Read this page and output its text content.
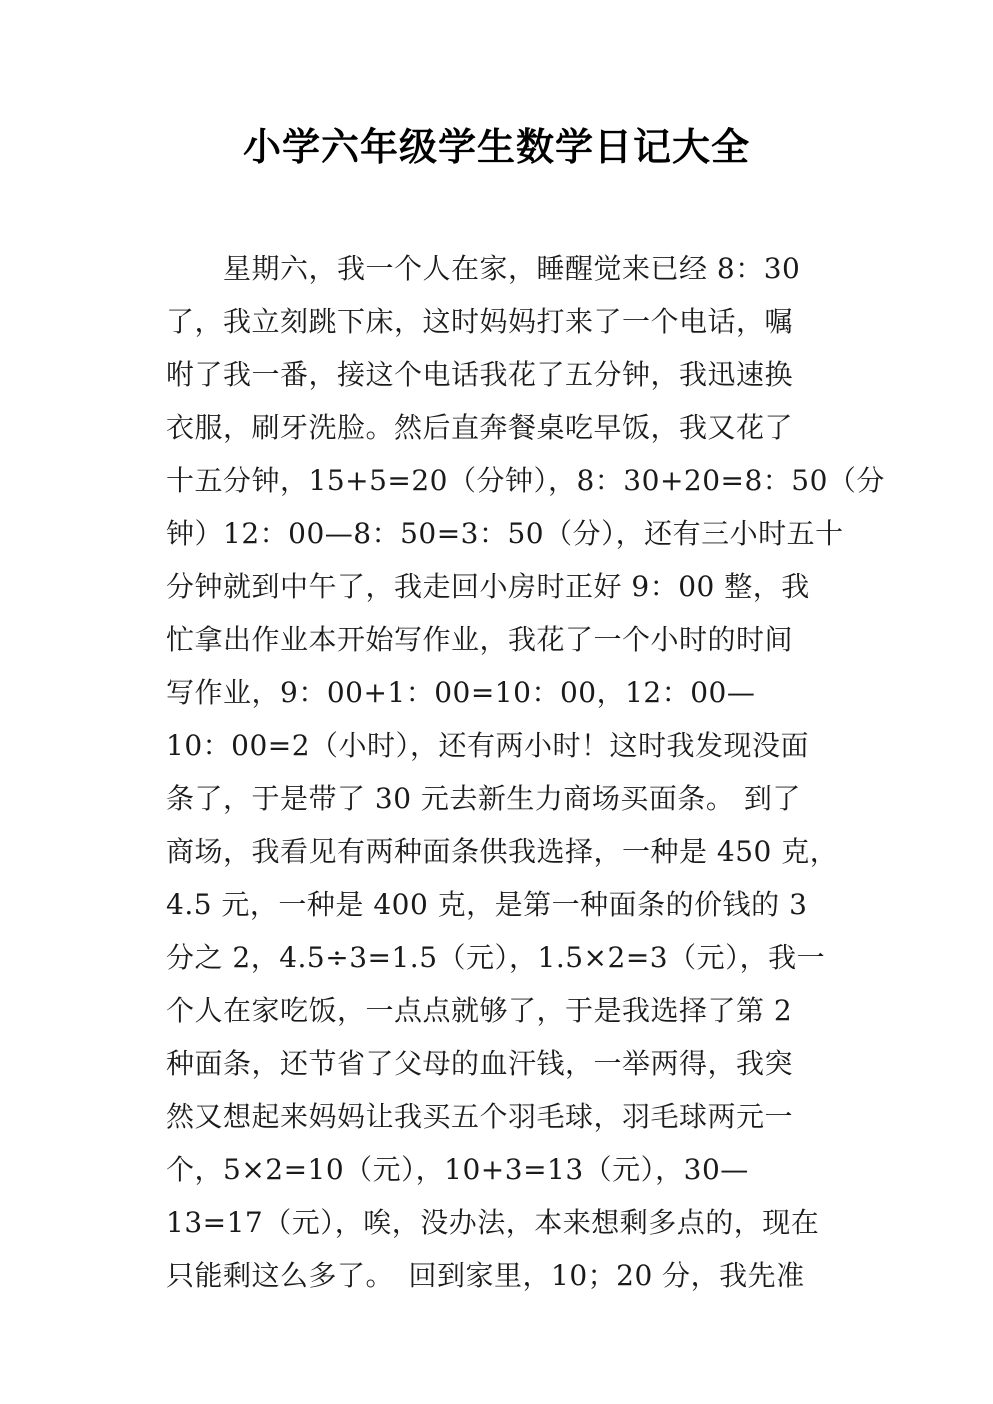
小学六年级学生数学日记大全
　　星期六，我一个人在家，睡醒觉来已经 8：30
了，我立刻跳下床，这时妈妈打来了一个电话，嘱
咐了我一番，接这个电话我花了五分钟，我迅速换
衣服，刷牙洗脸。然后直奔餐桌吃早饭，我又花了
十五分钟，15+5=20（分钟），8：30+20=8：50（分
钟）12：00—8：50=3：50（分），还有三小时五十
分钟就到中午了，我走回小房时正好 9：00 整，我
忙拿出作业本开始写作业，我花了一个小时的时间
写作业，9：00+1：00=10：00，12：00—
10：00=2（小时），还有两小时！这时我发现没面
条了，于是带了 30 元去新生力商场买面条。 到了
商场，我看见有两种面条供我选择，一种是 450 克，
4.5 元，一种是 400 克，是第一种面条的价钱的 3
分之 2，4.5÷3=1.5（元），1.5×2=3（元），我一
个人在家吃饭，一点点就够了，于是我选择了第 2
种面条，还节省了父母的血汗钱，一举两得，我突
然又想起来妈妈让我买五个羽毛球，羽毛球两元一
个，5×2=10（元），10+3=13（元），30—
13=17（元），唉，没办法，本来想剩多点的，现在
只能剩这么多了。　回到家里，10；20 分，我先准
